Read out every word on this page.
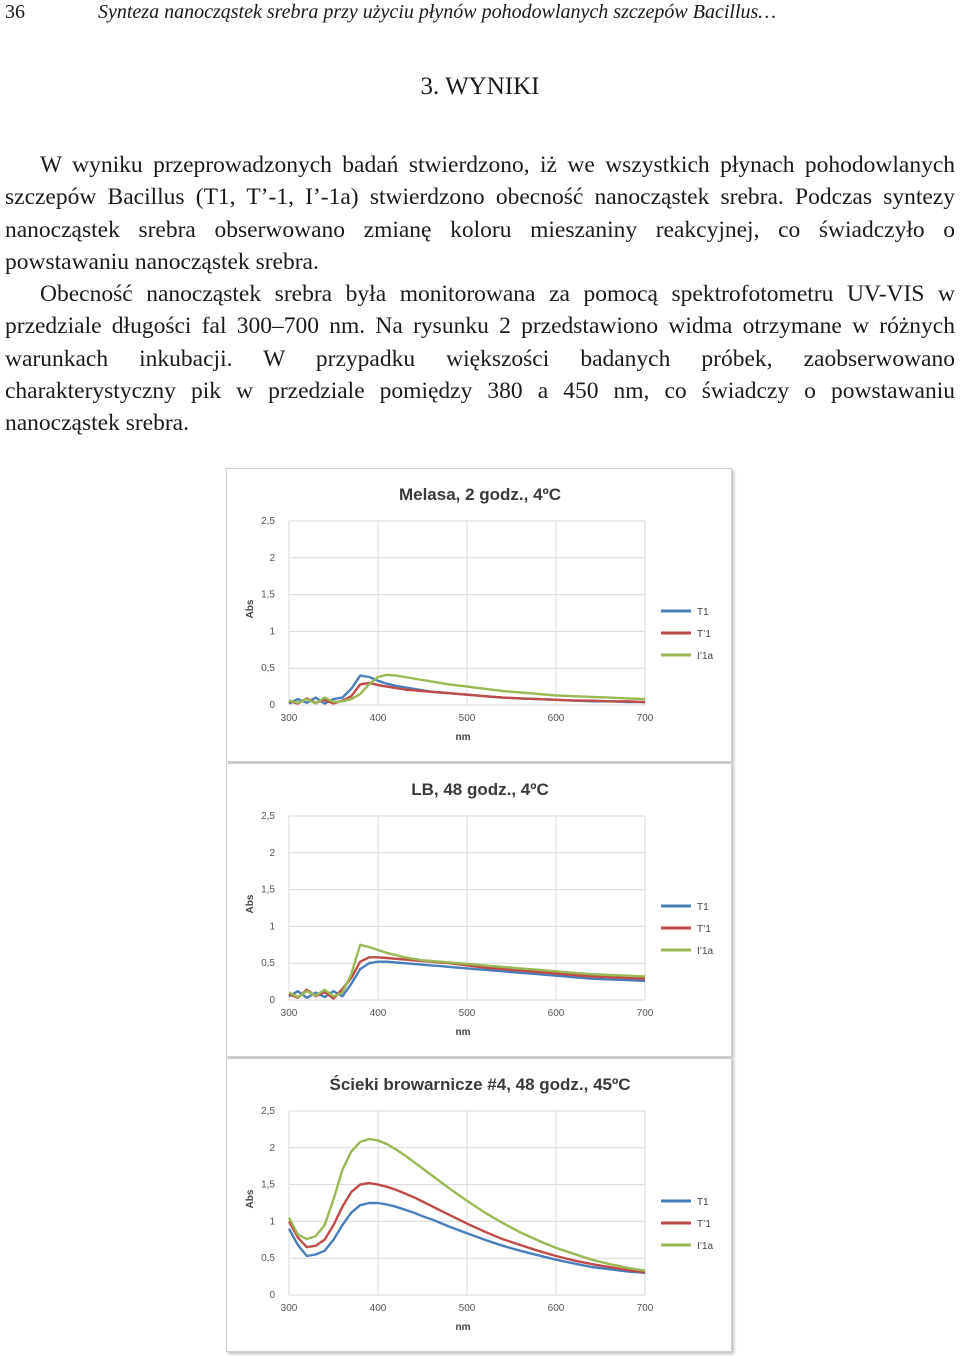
36	Synteza nanocząstek srebra przy użyciu płynów pohodowlanych szczepów Bacillus…
3. WYNIKI

W wyniku przeprowadzonych badań stwierdzono, iż we wszystkich płynach pohodowlanych szczepów Bacillus (T1, T’-1, I’-1a) stwierdzono obecność nanocząstek srebra. Podczas syntezy nanocząstek srebra obserwowano zmianę koloru mieszaniny reakcyjnej, co świadczyło o powstawaniu nanocząstek srebra.

Obecność nanocząstek srebra była monitorowana za pomocą spektrofotometru UV-VIS w przedziale długości fal 300–700 nm. Na rysunku 2 przedstawiono widma otrzymane w różnych warunkach inkubacji. W przypadku większości badanych próbek, zaobserwowano charakterystyczny pik w przedziale pomiędzy 380 a 450 nm, co świadczy o powstawaniu nanocząstek srebra.

Melasa, 2 godz., 4ºC
0
0,5
1
1,5
2
2,5
300	400	500	600	700
nm
Abs	T1
T’1
I’1a
LB, 48 godz., 4ºC
0
0,5
1
1,5
2
2,5
300	400	500	600	700
nm
Abs	T1
T’1
I’1a
Ścieki browarnicze #4, 48 godz., 45ºC
0
0,5
1
1,5
2
2,5
300	400	500	600	700
nm
Abs	T1
T’1
I’1a
